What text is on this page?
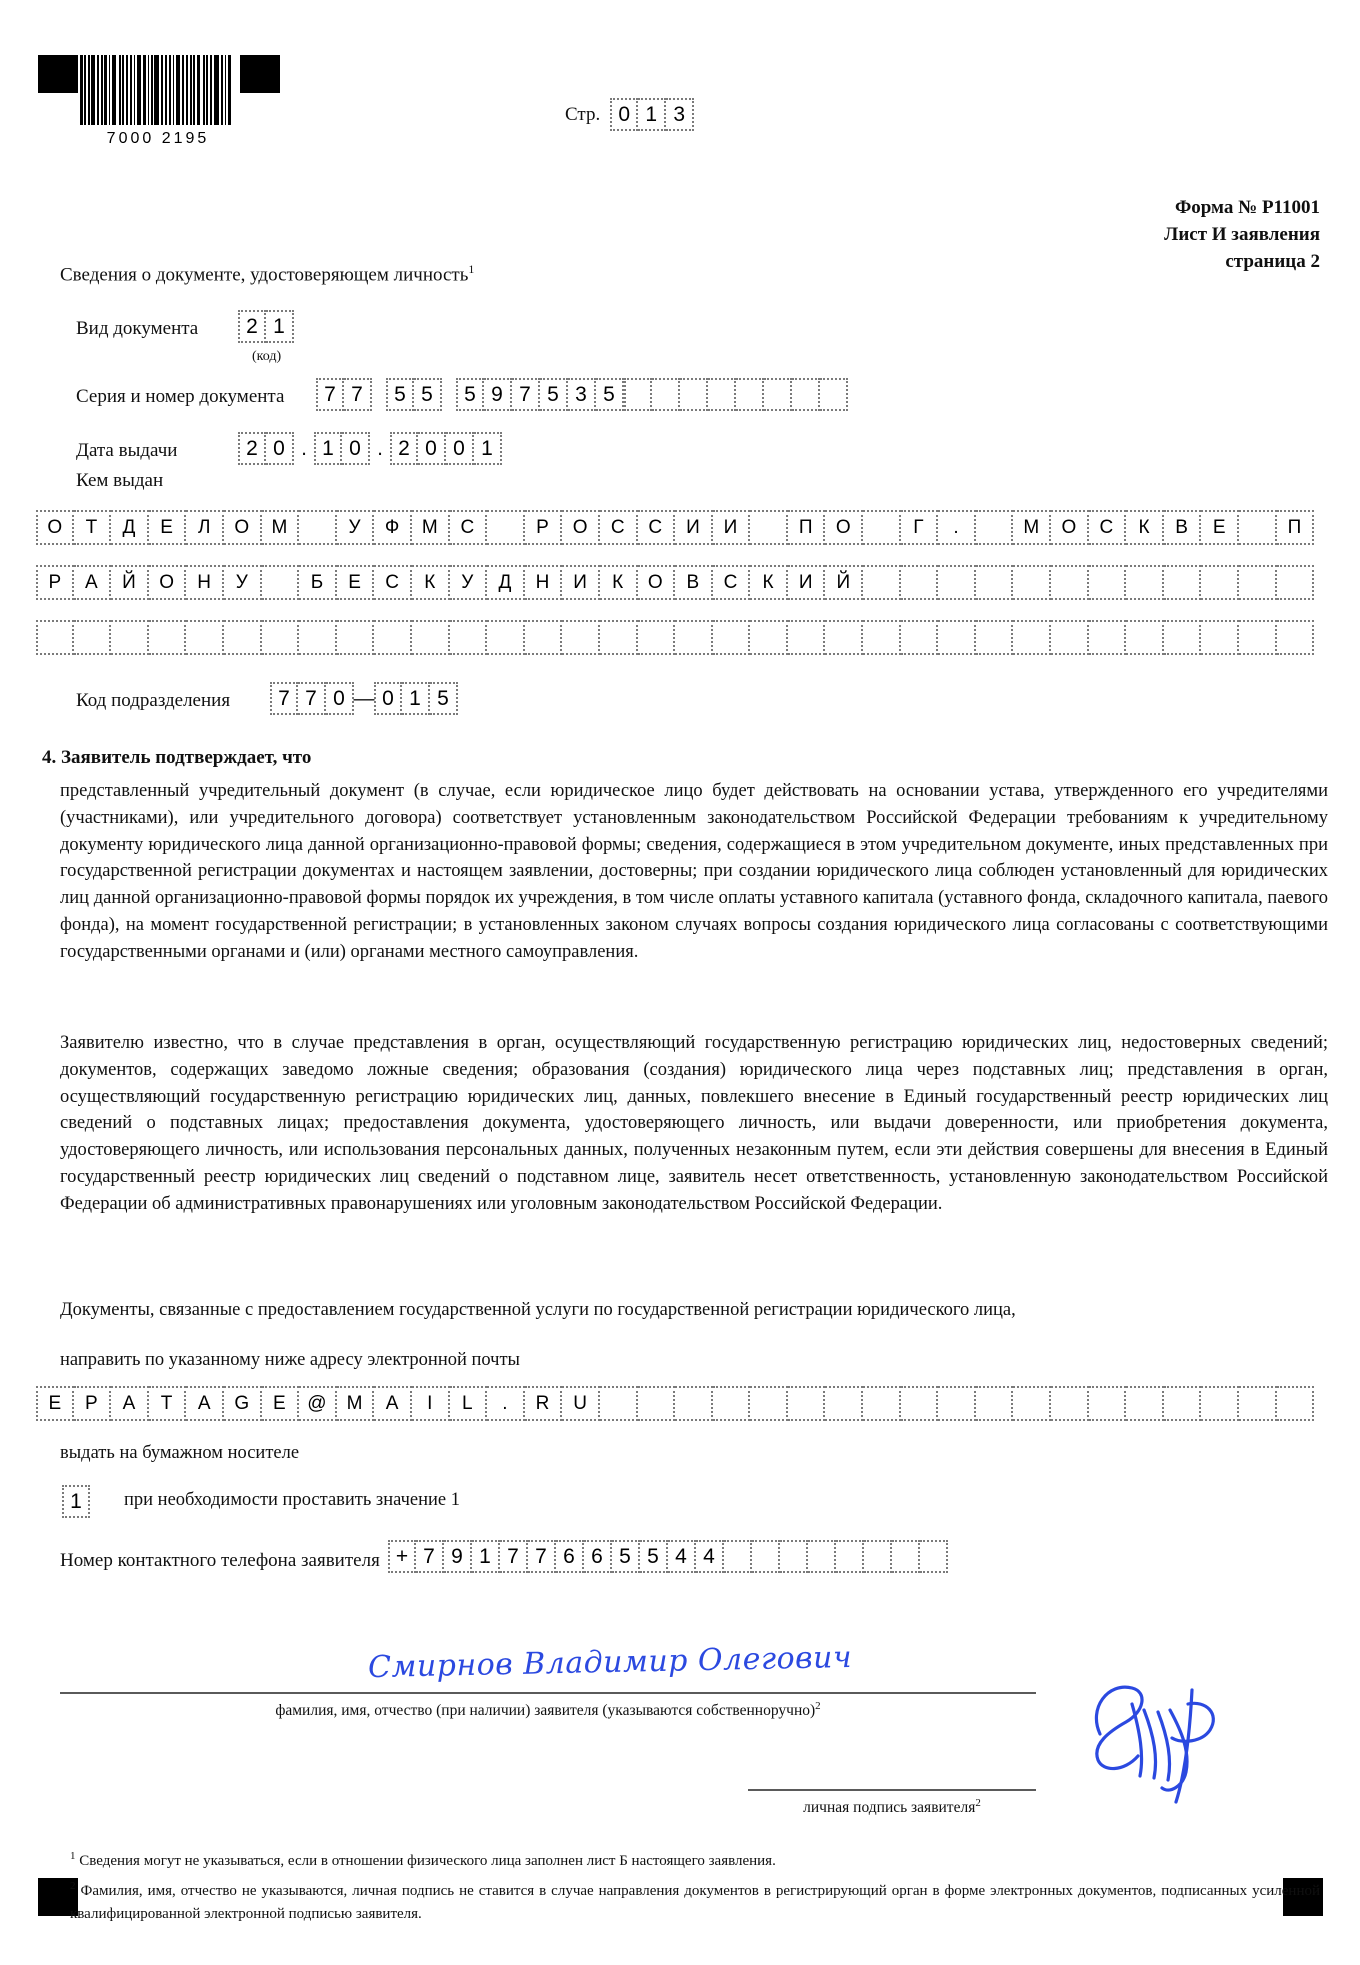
7000 2195
Стр. 0 1 3
Форма № Р11001
Лист И заявления
страница 2
Сведения о документе, удостоверяющем личность$^1$
Вид документа	2 1
(код)
Серия и номер документа	7 7	5 5	5 9 7 5 3 5
Дата выдачи	2 0 . 1 0 . 2 0 0 1
Кем выдан
О	Т	Д	Е	Л	О	М	У	Ф	М	С	Р	О	С	С	И	И	П	О	Г	.	М	О	С	К	В	Е	П
Р	А	Й	О	Н	У	Б	Е	С	К	У	Д	Н	И	К	О	В	С	К	И	Й
Код подразделения	7 7 0 — 0 1 5
4. Заявитель подтверждает, что
представленный учредительный документ (в случае, если юридическое лицо будет действовать на основании устава, утвержденного его учредителями (участниками), или учредительного договора) соответствует установленным законодательством Российской Федерации требованиям к учредительному документу юридического лица данной организационно-правовой формы; сведения, содержащиеся в этом учредительном документе, иных представленных при государственной регистрации документах и настоящем заявлении, достоверны; при создании юридического лица соблюден установленный для юридических лиц данной организационно-правовой формы порядок их учреждения, в том числе оплаты уставного капитала (уставного фонда, складочного капитала, паевого фонда), на момент государственной регистрации; в установленных законом случаях вопросы создания юридического лица согласованы с соответствующими государственными органами и (или) органами местного самоуправления.
Заявителю известно, что в случае представления в орган, осуществляющий государственную регистрацию юридических лиц, недостоверных сведений; документов, содержащих заведомо ложные сведения; образования (создания) юридического лица через подставных лиц; представления в орган, осуществляющий государственную регистрацию юридических лиц, данных, повлекшего внесение в Единый государственный реестр юридических лиц сведений о подставных лицах; предоставления документа, удостоверяющего личность, или выдачи доверенности, или приобретения документа, удостоверяющего личность, или использования персональных данных, полученных незаконным путем, если эти действия совершены для внесения в Единый государственный реестр юридических лиц сведений о подставном лице, заявитель несет ответственность, установленную законодательством Российской Федерации об административных правонарушениях или уголовным законодательством Российской Федерации.
Документы, связанные с предоставлением государственной услуги по государственной регистрации юридического лица,
направить по указанному ниже адресу электронной почты
E	P	A	T	A	G	E	@	M	A	I	L	.	R	U
выдать на бумажном носителе
1	при необходимости проставить значение 1
Номер контактного телефона заявителя + 7 9 1 7 7 6 6 5 5 4 4
Смирнов Владимир Олегович
фамилия, имя, отчество (при наличии) заявителя (указываются собственноручно)$^2$
личная подпись заявителя$^2$
$^1$ Сведения могут не указываться, если в отношении физического лица заполнен лист Б настоящего заявления.
$^2$ Фамилия, имя, отчество не указываются, личная подпись не ставится в случае направления документов в регистрирующий орган в форме электронных документов, подписанных усиленной квалифицированной электронной подписью заявителя.
